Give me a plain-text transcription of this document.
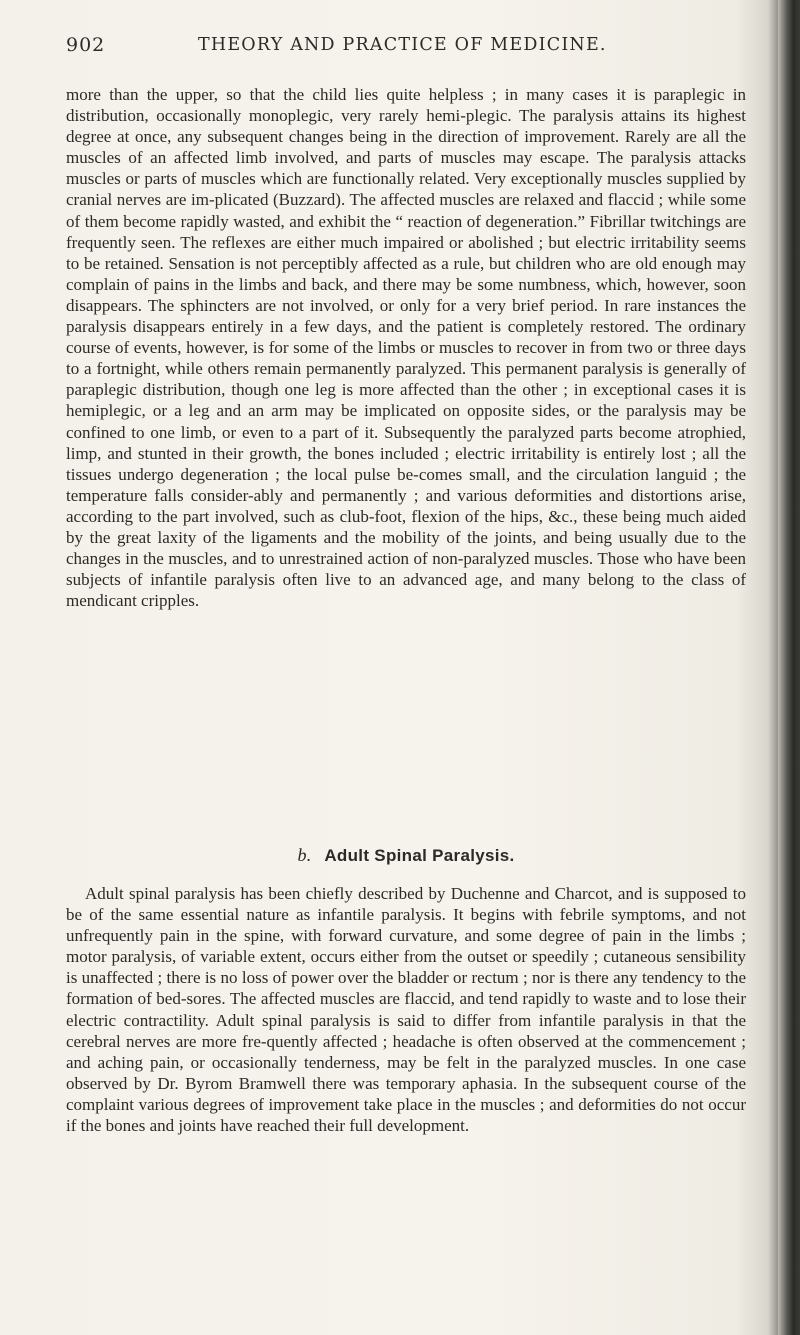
902	THEORY AND PRACTICE OF MEDICINE.

more than the upper, so that the child lies quite helpless ; in many cases it is paraplegic in distribution, occasionally monoplegic, very rarely hemi-plegic. The paralysis attains its highest degree at once, any subsequent changes being in the direction of improvement. Rarely are all the muscles of an affected limb involved, and parts of muscles may escape. The paralysis attacks muscles or parts of muscles which are functionally related. Very exceptionally muscles supplied by cranial nerves are im-plicated (Buzzard). The affected muscles are relaxed and flaccid ; while some of them become rapidly wasted, and exhibit the “ reaction of degeneration.” Fibrillar twitchings are frequently seen. The reflexes are either much impaired or abolished ; but electric irritability seems to be retained. Sensation is not perceptibly affected as a rule, but children who are old enough may complain of pains in the limbs and back, and there may be some numbness, which, however, soon disappears. The sphincters are not involved, or only for a very brief period. In rare instances the paralysis disappears entirely in a few days, and the patient is completely restored. The ordinary course of events, however, is for some of the limbs or muscles to recover in from two or three days to a fortnight, while others remain permanently paralyzed. This permanent paralysis is generally of paraplegic distribution, though one leg is more affected than the other ; in exceptional cases it is hemiplegic, or a leg and an arm may be implicated on opposite sides, or the paralysis may be confined to one limb, or even to a part of it. Subsequently the paralyzed parts become atrophied, limp, and stunted in their growth, the bones included ; electric irritability is entirely lost ; all the tissues undergo degeneration ; the local pulse be-comes small, and the circulation languid ; the temperature falls consider-ably and permanently ; and various deformities and distortions arise, according to the part involved, such as club-foot, flexion of the hips, &c., these being much aided by the great laxity of the ligaments and the mobility of the joints, and being usually due to the changes in the muscles, and to unrestrained action of non-paralyzed muscles. Those who have been subjects of infantile paralysis often live to an advanced age, and many belong to the class of mendicant cripples.

b. Adult Spinal Paralysis.

Adult spinal paralysis has been chiefly described by Duchenne and Charcot, and is supposed to be of the same essential nature as infantile paralysis. It begins with febrile symptoms, and not unfrequently pain in the spine, with forward curvature, and some degree of pain in the limbs ; motor paralysis, of variable extent, occurs either from the outset or speedily ; cutaneous sensibility is unaffected ; there is no loss of power over the bladder or rectum ; nor is there any tendency to the formation of bed-sores. The affected muscles are flaccid, and tend rapidly to waste and to lose their electric contractility. Adult spinal paralysis is said to differ from infantile paralysis in that the cerebral nerves are more fre-quently affected ; headache is often observed at the commencement ; and aching pain, or occasionally tenderness, may be felt in the paralyzed muscles. In one case observed by Dr. Byrom Bramwell there was temporary aphasia. In the subsequent course of the complaint various degrees of improvement take place in the muscles ; and deformities do not occur if the bones and joints have reached their full development.
